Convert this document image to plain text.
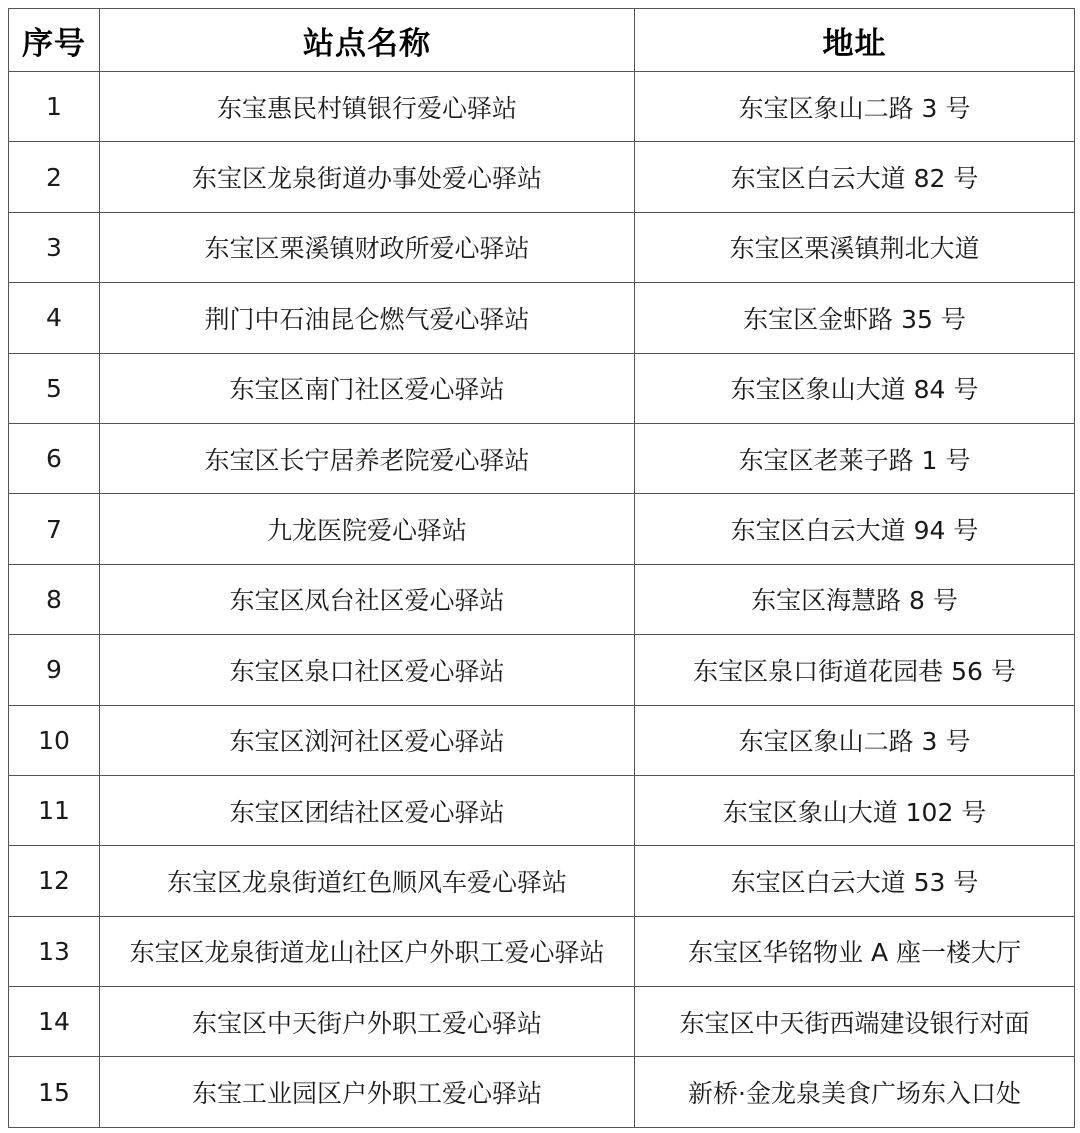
序号	站点名称	地址
1	东宝惠民村镇银行爱心驿站	东宝区象山二路 3 号
2	东宝区龙泉街道办事处爱心驿站	东宝区白云大道 82 号
3	东宝区栗溪镇财政所爱心驿站	东宝区栗溪镇荆北大道
4	荆门中石油昆仑燃气爱心驿站	东宝区金虾路 35 号
5	东宝区南门社区爱心驿站	东宝区象山大道 84 号
6	东宝区长宁居养老院爱心驿站	东宝区老莱子路 1 号
7	九龙医院爱心驿站	东宝区白云大道 94 号
8	东宝区凤台社区爱心驿站	东宝区海慧路 8 号
9	东宝区泉口社区爱心驿站	东宝区泉口街道花园巷 56 号
10	东宝区浏河社区爱心驿站	东宝区象山二路 3 号
11	东宝区团结社区爱心驿站	东宝区象山大道 102 号
12	东宝区龙泉街道红色顺风车爱心驿站	东宝区白云大道 53 号
13	东宝区龙泉街道龙山社区户外职工爱心驿站	东宝区华铭物业 A 座一楼大厅
14	东宝区中天街户外职工爱心驿站	东宝区中天街西端建设银行对面
15	东宝工业园区户外职工爱心驿站	新桥·金龙泉美食广场东入口处
